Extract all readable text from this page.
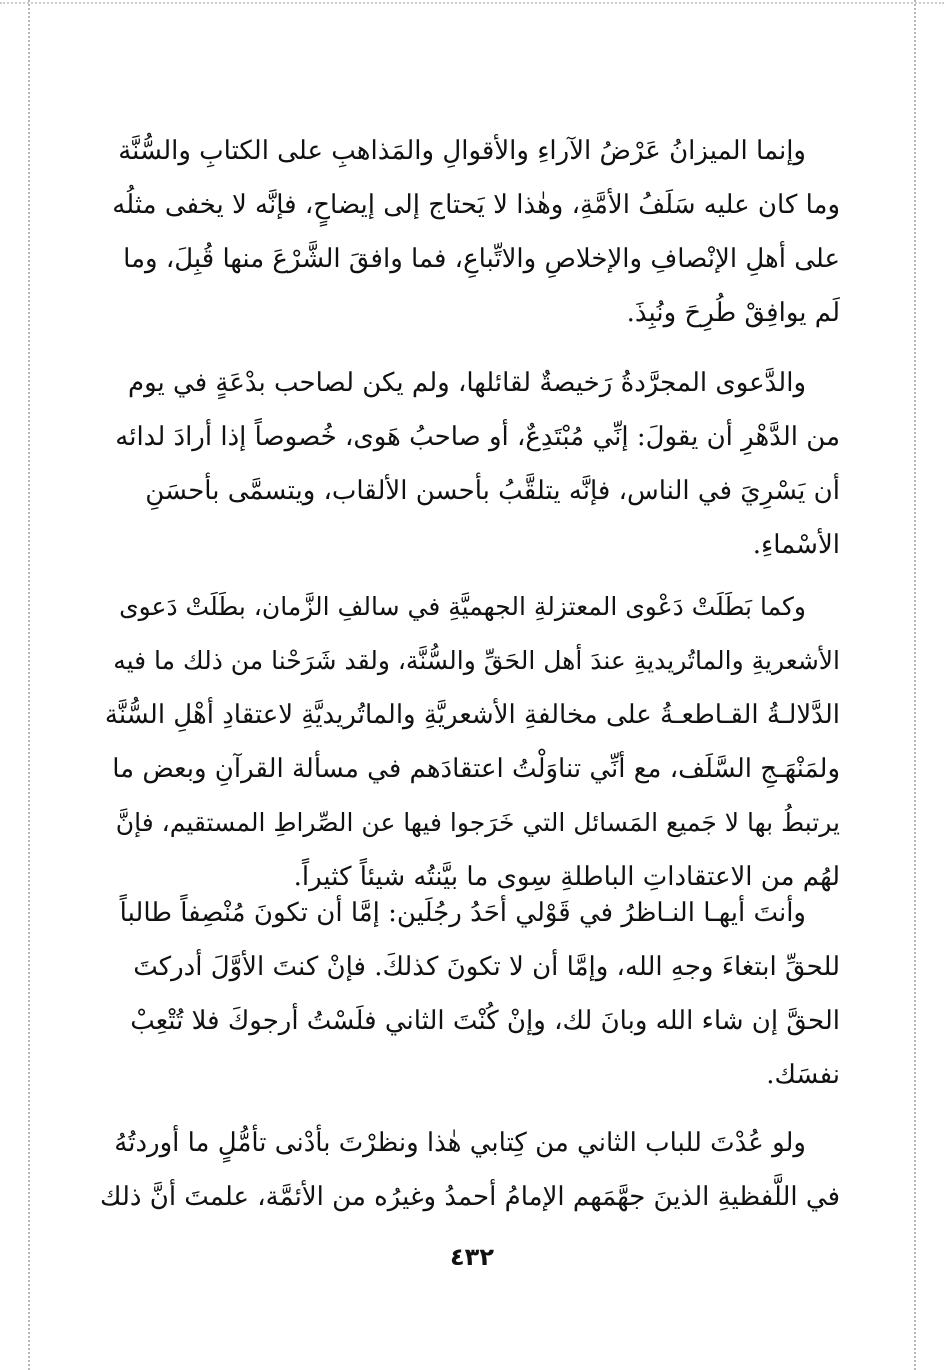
وإنما الميزانُ عَرْضُ الآراءِ والأقوالِ والمَذاهبِ على الكتابِ والسُّنَّة
وما كان عليه سَلَفُ الأمَّةِ، وهٰذا لا يَحتاج إلى إيضاحٍ، فإنَّه لا يخفى مثلُه
على أهلِ الإنْصافِ والإخلاصِ والاتِّباعِ، فما وافقَ الشَّرْعَ منها قُبِلَ، وما
لَم يوافِقْ طُرِحَ ونُبِذَ.
والدَّعوى المجرَّدةُ رَخيصةٌ لقائلها، ولم يكن لصاحب بدْعَةٍ في يوم
من الدَّهْرِ أن يقولَ: إنِّي مُبْتَدِعٌ، أو صاحبُ هَوى، خُصوصاً إذا أرادَ لدائه
أن يَسْرِيَ في الناس، فإنَّه يتلقَّبُ بأحسن الألقاب، ويتسمَّى بأحسَنِ
الأسْماءِ.
وكما بَطَلَتْ دَعْوى المعتزلةِ الجهميَّةِ في سالفِ الزَّمان، بطَلَتْ دَعوى
الأشعريةِ والماتُريديةِ عندَ أهل الحَقِّ والسُّنَّة، ولقد شَرَحْنا من ذلك ما فيه
الدَّلالـةُ القـاطعـةُ على مخالفةِ الأشعريَّةِ والماتُريديَّةِ لاعتقادِ أهْلِ السُّنَّة
ولمَنْهَـجِ السَّلَف، مع أنِّي تناوَلْتُ اعتقادَهم في مسألة القرآنِ وبعض ما
يرتبطُ بها لا جَميع المَسائل التي خَرَجوا فيها عن الصِّراطِ المستقيم، فإنَّ
لهُم من الاعتقاداتِ الباطلةِ سِوى ما بيَّنتُه شيئاً كثيراً.
وأنتَ أيهـا النـاظرُ في قَوْلي أحَدُ رجُلَين: إمَّا أن تكونَ مُنْصِفاً طالباً
للحقِّ ابتغاءَ وجهِ الله، وإمَّا أن لا تكونَ كذلكَ. فإنْ كنتَ الأوَّلَ أدركتَ
الحقَّ إن شاء الله وبانَ لك، وإنْ كُنْتَ الثاني فلَسْتُ أرجوكَ فلا تُتْعِبْ
نفسَك.
ولو عُدْتَ للباب الثاني من كِتابي هٰذا ونظرْتَ بأدْنى تأمُّلٍ ما أوردتُهُ
في اللَّفظيةِ الذينَ جهَّمَهم الإمامُ أحمدُ وغيرُه من الأئمَّة، علمتَ أنَّ ذلك
٤٣٢
